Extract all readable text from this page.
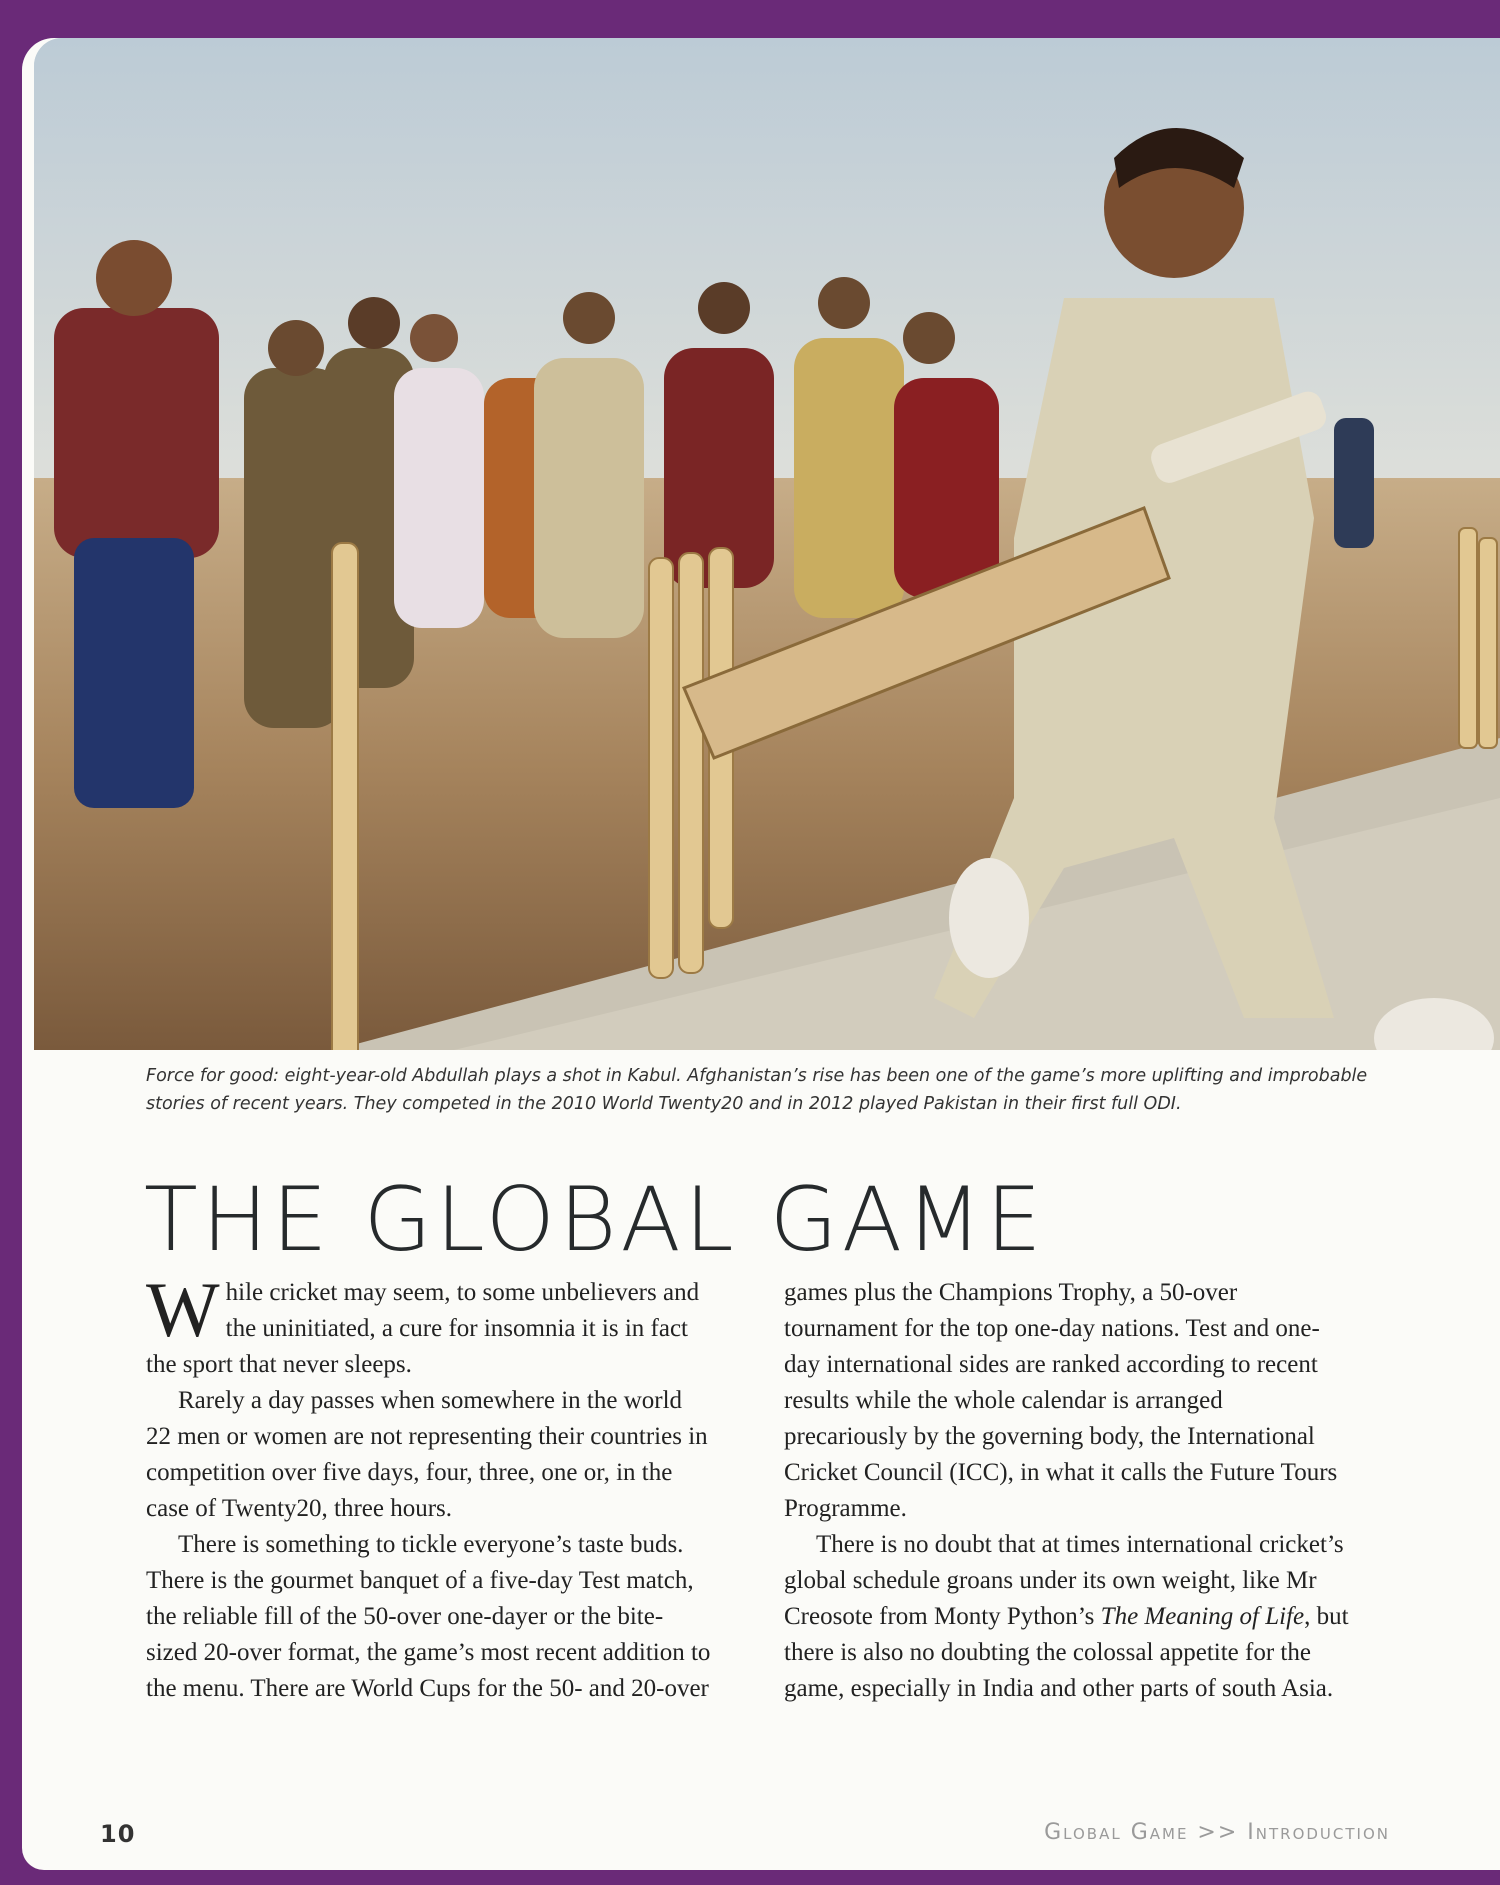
Force for good: eight-year-old Abdullah plays a shot in Kabul. Afghanistan’s rise has been one of the game’s more uplifting and improbable stories of recent years. They competed in the 2010 World Twenty20 and in 2012 played Pakistan in their first full ODI.

THE GLOBAL GAME

While cricket may seem, to some unbelievers and the uninitiated, a cure for insomnia it is in fact the sport that never sleeps.

Rarely a day passes when somewhere in the world 22 men or women are not representing their countries in competition over five days, four, three, one or, in the case of Twenty20, three hours.

There is something to tickle everyone’s taste buds. There is the gourmet banquet of a five-day Test match, the reliable fill of the 50-over one-dayer or the bite-sized 20-over format, the game’s most recent addition to the menu. There are World Cups for the 50- and 20-over

games plus the Champions Trophy, a 50-over tournament for the top one-day nations. Test and one-day international sides are ranked according to recent results while the whole calendar is arranged precariously by the governing body, the International Cricket Council (ICC), in what it calls the Future Tours Programme.

There is no doubt that at times international cricket’s global schedule groans under its own weight, like Mr Creosote from Monty Python’s The Meaning of Life, but there is also no doubting the colossal appetite for the game, especially in India and other parts of south Asia.

10	Global Game >> Introduction
